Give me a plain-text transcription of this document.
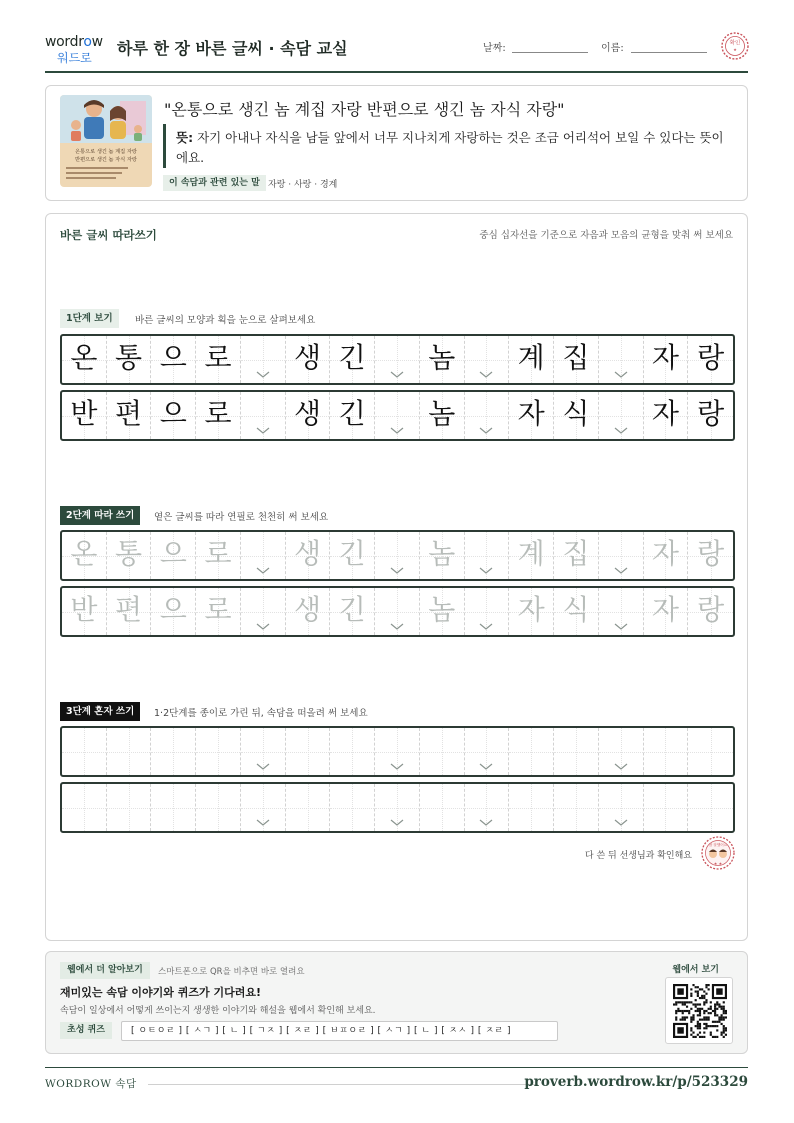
wordrow
워드로 하루 한 장 바른 글씨 · 속담 교실	날짜:	이름:	확인
★
온통으로 생긴 놈 계집 자랑
반편으로 생긴 놈 자식 자랑
"온통으로 생긴 놈 계집 자랑 반편으로 생긴 놈 자식 자랑"
뜻: 자기 아내나 자식을 남들 앞에서 너무 지나치게 자랑하는 것은 조금 어리석어 보일 수 있다는 뜻이에요.
이 속담과 관련 있는 말 자랑 · 사랑 · 경계
바른 글씨 따라쓰기	중심 십자선을 기준으로 자음과 모음의 균형을 맞춰 써 보세요
1단계 보기	바른 글씨의 모양과 획을 눈으로 살펴보세요
온 통 으 로 생 긴 놈 계 집 자 랑
반 편 으 로 생 긴 놈 자 식 자 랑
2단계 따라 쓰기	옅은 글씨를 따라 연필로 천천히 써 보세요
온 통 으 로 생 긴 놈 계 집 자 랑
반 편 으 로 생 긴 놈 자 식 자 랑
3단계 혼자 쓰기	1·2단계를 종이로 가린 뒤, 속담을 떠올려 써 보세요
다 쓴 뒤 선생님과 확인해요
참 잘했어요
★ ★
웹에서 더 알아보기	스마트폰으로 QR을 비추면 바로 열려요
재미있는 속담 이야기와 퀴즈가 기다려요!
속담이 일상에서 어떻게 쓰이는지 생생한 이야기와 해설을 웹에서 확인해 보세요.
초성 퀴즈	[ ㅇㅌㅇㄹ ] [ ㅅㄱ ] [ ㄴ ] [ ㄱㅈ ] [ ㅈㄹ ] [ ㅂㅍㅇㄹ ] [ ㅅㄱ ] [ ㄴ ] [ ㅈㅅ ] [ ㅈㄹ ]
웹에서 보기
WORDROW 속담	proverb.wordrow.kr/p/523329
